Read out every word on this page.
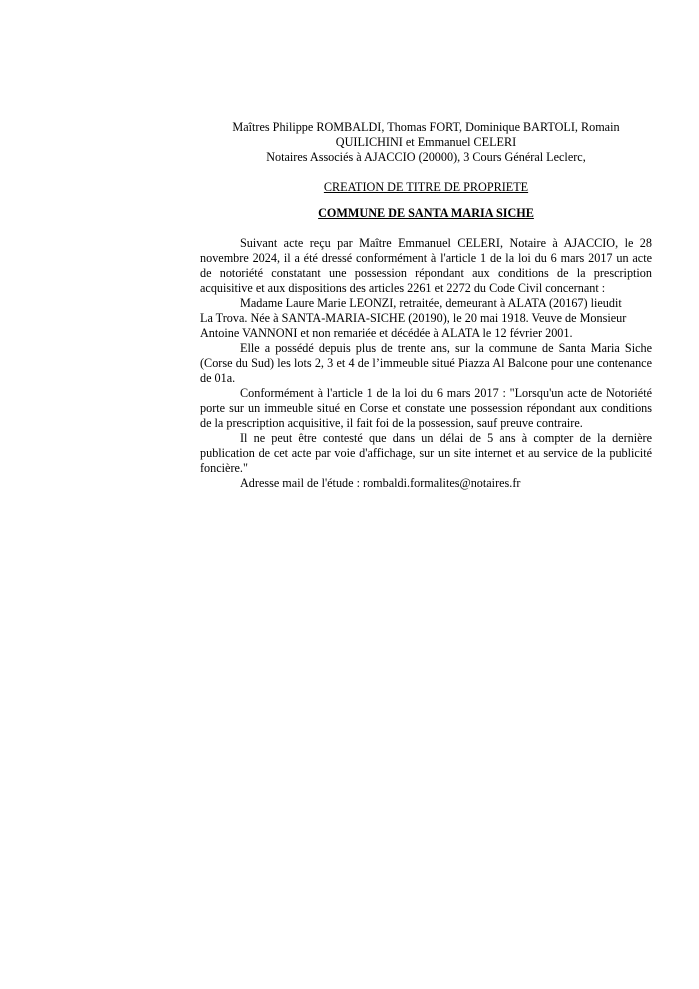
Maîtres Philippe ROMBALDI, Thomas FORT, Dominique BARTOLI, Romain
QUILICHINI et Emmanuel CELERI
Notaires Associés à AJACCIO (20000), 3 Cours Général Leclerc,
CREATION DE TITRE DE PROPRIETE
COMMUNE DE SANTA MARIA SICHE

Suivant acte reçu par Maître Emmanuel CELERI, Notaire à AJACCIO, le 28 novembre 2024, il a été dressé conformément à l'article 1 de la loi du 6 mars 2017 un acte de notoriété constatant une possession répondant aux conditions de la prescription acquisitive et aux dispositions des articles 2261 et 2272 du Code Civil concernant :

Madame Laure Marie LEONZI, retraitée, demeurant à ALATA (20167) lieudit
La Trova. Née à SANTA-MARIA-SICHE (20190), le 20 mai 1918. Veuve de Monsieur
Antoine VANNONI et non remariée et décédée à ALATA le 12 février 2001.

Elle a possédé depuis plus de trente ans, sur la commune de Santa Maria Siche (Corse du Sud) les lots 2, 3 et 4 de l’immeuble situé Piazza Al Balcone pour une contenance de 01a.

Conformément à l'article 1 de la loi du 6 mars 2017 : "Lorsqu'un acte de Notoriété porte sur un immeuble situé en Corse et constate une possession répondant aux conditions de la prescription acquisitive, il fait foi de la possession, sauf preuve contraire.

Il ne peut être contesté que dans un délai de 5 ans à compter de la dernière publication de cet acte par voie d'affichage, sur un site internet et au service de la publicité foncière."

Adresse mail de l'étude : rombaldi.formalites@notaires.fr
